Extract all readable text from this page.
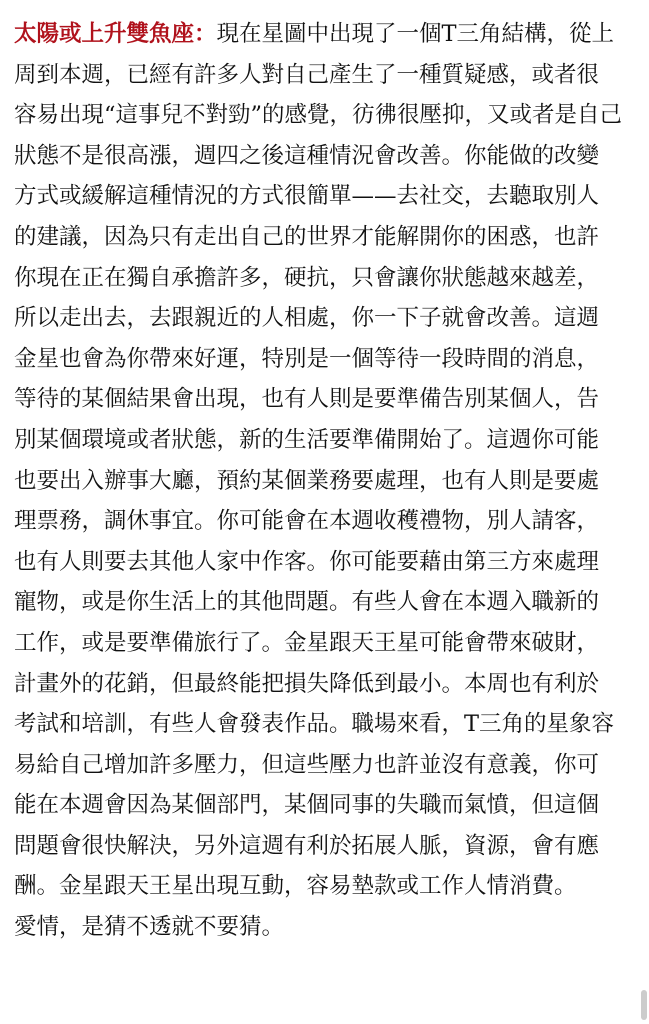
太陽或上升雙魚座：現在星圖中出現了一個T三角結構，從上
周到本週，已經有許多人對自己產生了一種質疑感，或者很
容易出現“這事兒不對勁”的感覺，彷彿很壓抑，又或者是自己
狀態不是很高漲，週四之後這種情況會改善。你能做的改變
方式或緩解這種情況的方式很簡單——去社交，去聽取別人
的建議，因為只有走出自己的世界才能解開你的困惑，也許
你現在正在獨自承擔許多，硬抗，只會讓你狀態越來越差，
所以走出去，去跟親近的人相處，你一下子就會改善。這週
金星也會為你帶來好運，特別是一個等待一段時間的消息，
等待的某個結果會出現，也有人則是要準備告別某個人，告
別某個環境或者狀態，新的生活要準備開始了。這週你可能
也要出入辦事大廳，預約某個業務要處理，也有人則是要處
理票務，調休事宜。你可能會在本週收穫禮物，別人請客，
也有人則要去其他人家中作客。你可能要藉由第三方來處理
寵物，或是你生活上的其他問題。有些人會在本週入職新的
工作，或是要準備旅行了。金星跟天王星可能會帶來破財，
計畫外的花銷，但最終能把損失降低到最小。本周也有利於
考試和培訓，有些人會發表作品。職場來看，T三角的星象容
易給自己增加許多壓力，但這些壓力也許並沒有意義，你可
能在本週會因為某個部門，某個同事的失職而氣憤，但這個
問題會很快解決，另外這週有利於拓展人脈，資源，會有應
酬。金星跟天王星出現互動，容易墊款或工作人情消費。
愛情，是猜不透就不要猜。
